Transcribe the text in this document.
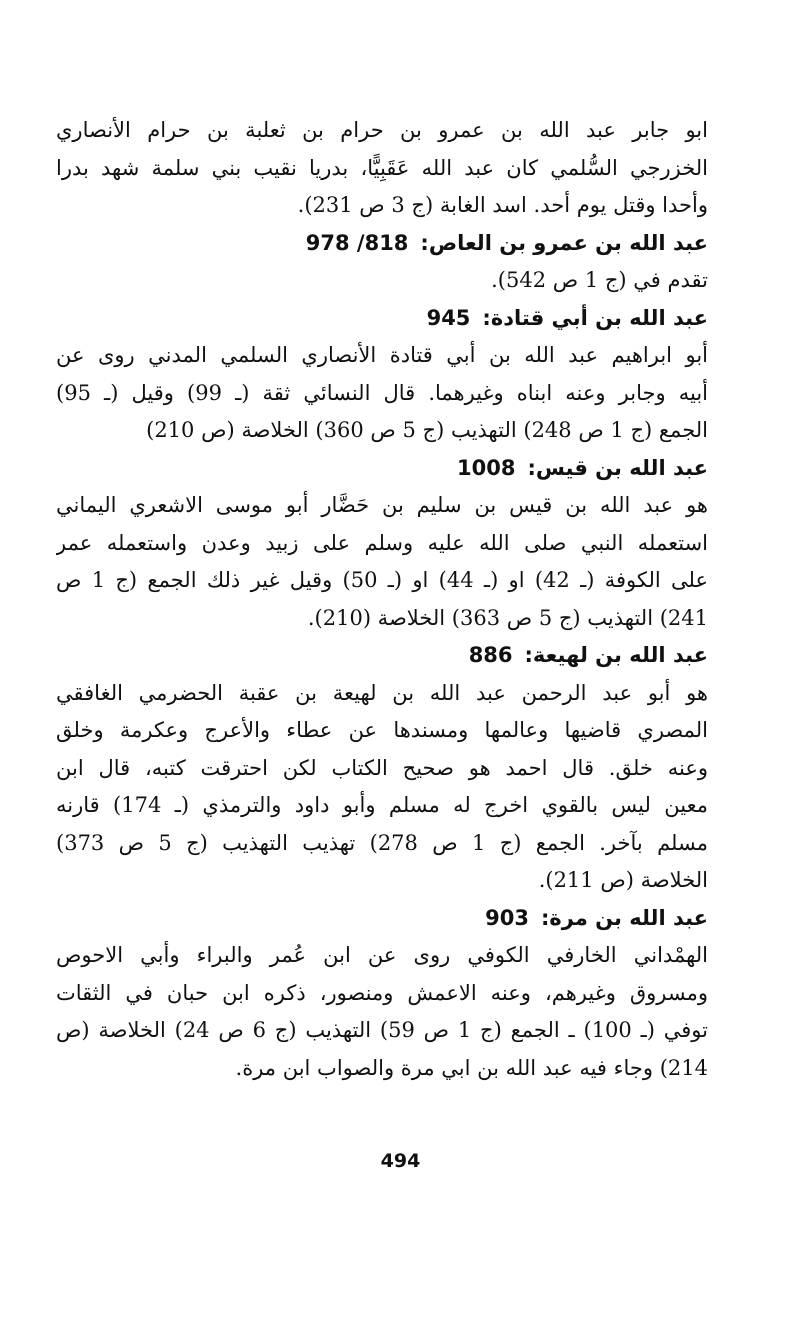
ابو جابر عبد الله بن عمرو بن حرام بن ثعلبة بن حرام الأنصاري
الخزرجي السُّلمي كان عبد الله عَقَبِيًّا، بدريا نقيب بني سلمة شهد بدرا
وأحدا وقتل يوم أحد. اسد الغابة (ج 3 ص 231).
عبد الله بن عمرو بن العاص:818/ 978
تقدم في (ج 1 ص 542).
عبد الله بن أبي قتادة:945
أبو ابراهيم عبد الله بن أبي قتادة الأنصاري السلمي المدني روى عن
أبيه وجابر وعنه ابناه وغيرهما. قال النسائي ثقة (ـ 99) وقيل (ـ 95)
الجمع (ج 1 ص 248) التهذيب (ج 5 ص 360) الخلاصة (ص 210)
عبد الله بن قيس:1008
هو عبد الله بن قيس بن سليم بن حَضَّار أبو موسى الاشعري اليماني
استعمله النبي صلى الله عليه وسلم على زبيد وعدن واستعمله عمر
على الكوفة (ـ 42) او (ـ 44) او (ـ 50) وقيل غير ذلك الجمع (ج 1 ص
241) التهذيب (ج 5 ص 363) الخلاصة (210).
عبد الله بن لهيعة:886
هو أبو عبد الرحمن عبد الله بن لهيعة بن عقبة الحضرمي الغافقي
المصري قاضيها وعالمها ومسندها عن عطاء والأعرج وعكرمة وخلق
وعنه خلق. قال احمد هو صحيح الكتاب لكن احترقت كتبه، قال ابن
معين ليس بالقوي اخرج له مسلم وأبو داود والترمذي (ـ 174) قارنه
مسلم بآخر. الجمع (ج 1 ص 278) تهذيب التهذيب (ج 5 ص 373)
الخلاصة (ص 211).
عبد الله بن مرة:903
الهمْداني الخارفي الكوفي روى عن ابن عُمر والبراء وأبي الاحوص
ومسروق وغيرهم، وعنه الاعمش ومنصور، ذكره ابن حبان في الثقات
توفي (ـ 100) ـ الجمع (ج 1 ص 59) التهذيب (ج 6 ص 24) الخلاصة (ص
214) وجاء فيه عبد الله بن ابي مرة والصواب ابن مرة.
494
